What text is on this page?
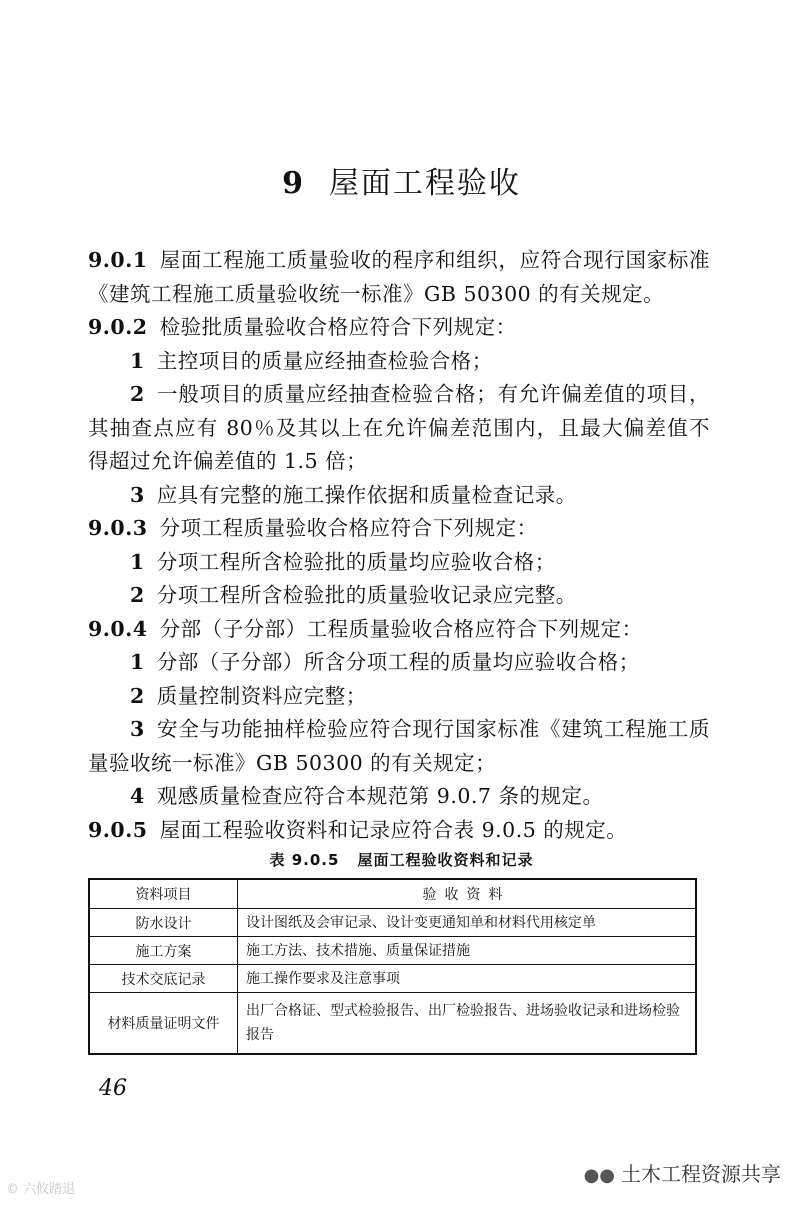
9 屋面工程验收

9.0.1 屋面工程施工质量验收的程序和组织，应符合现行国家标准《建筑工程施工质量验收统一标准》GB 50300 的有关规定。

9.0.2 检验批质量验收合格应符合下列规定：

1 主控项目的质量应经抽查检验合格；

2 一般项目的质量应经抽查检验合格；有允许偏差值的项目，其抽查点应有 80％及其以上在允许偏差范围内，且最大偏差值不得超过允许偏差值的 1.5 倍；

3 应具有完整的施工操作依据和质量检查记录。

9.0.3 分项工程质量验收合格应符合下列规定：

1 分项工程所含检验批的质量均应验收合格；

2 分项工程所含检验批的质量验收记录应完整。

9.0.4 分部（子分部）工程质量验收合格应符合下列规定：

1 分部（子分部）所含分项工程的质量均应验收合格；

2 质量控制资料应完整；

3 安全与功能抽样检验应符合现行国家标准《建筑工程施工质量验收统一标准》GB 50300 的有关规定；

4 观感质量检查应符合本规范第 9.0.7 条的规定。

9.0.5 屋面工程验收资料和记录应符合表 9.0.5 的规定。

表 9.0.5 屋面工程验收资料和记录
资料项目	验收资料
防水设计	设计图纸及会审记录、设计变更通知单和材料代用核定单
施工方案	施工方法、技术措施、质量保证措施
技术交底记录	施工操作要求及注意事项
材料质量证明文件	出厂合格证、型式检验报告、出厂检验报告、进场验收记录和进场检验报告
46
●● 土木工程资源共享
© 六攸踏退
